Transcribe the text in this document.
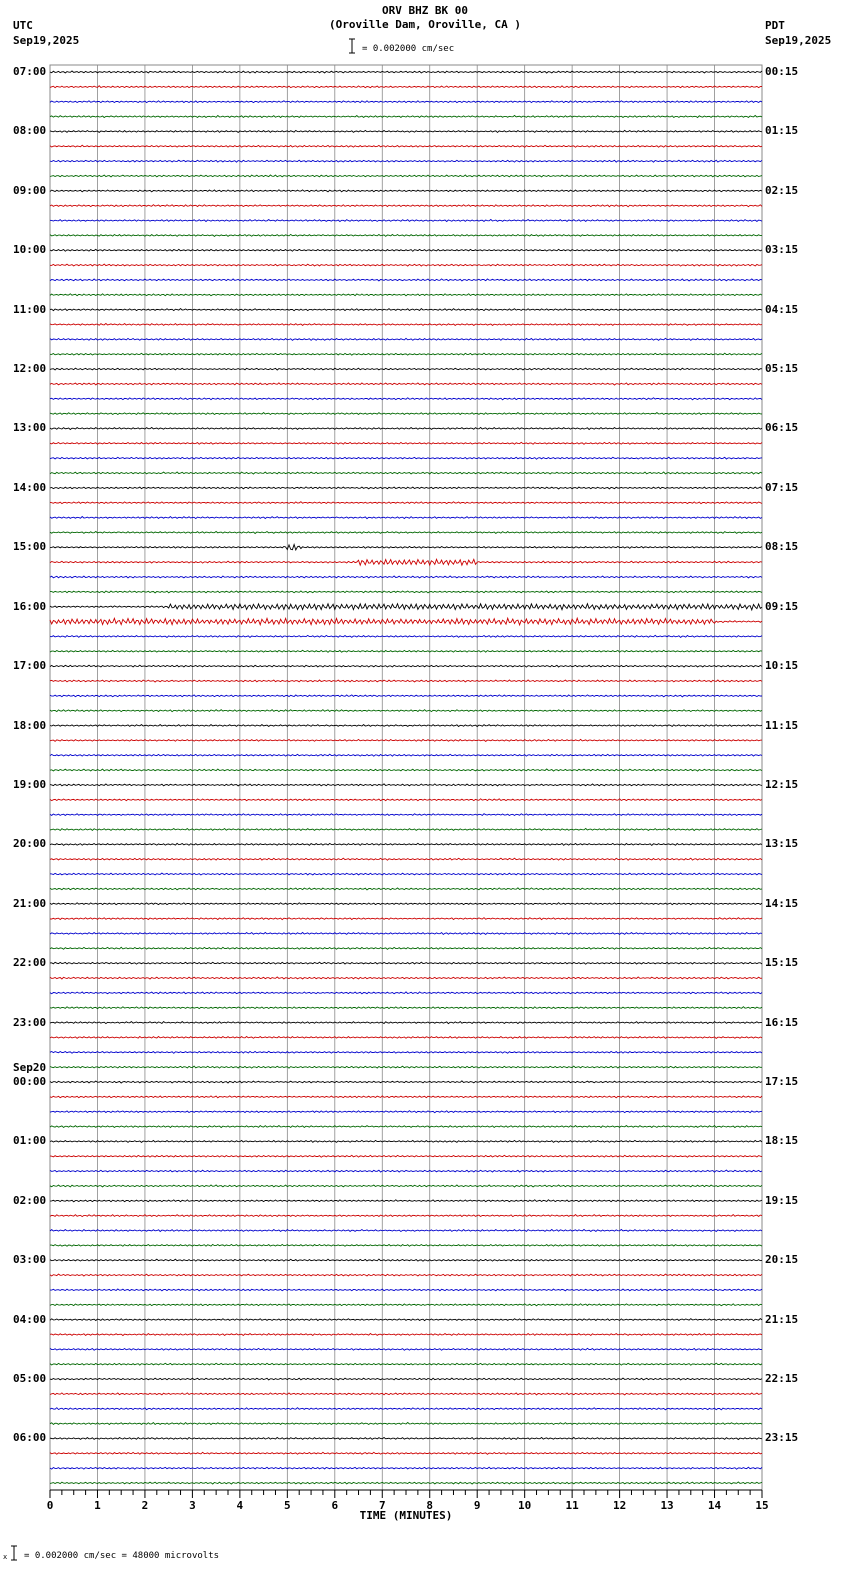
0	1	2	3	4	5	6	7	8	9	10	11	12	13	14	15
x
ORV BHZ BK 00
(Oroville Dam, Oroville, CA )
= 0.002000 cm/sec
UTC
Sep19,2025
PDT
Sep19,2025
07:00
08:00
09:00
10:00
11:00
12:00
13:00
14:00
15:00
16:00
17:00
18:00
19:00
20:00
21:00
22:00
23:00
00:00
Sep20
01:00
02:00
03:00
04:00
05:00
06:00
00:15
01:15
02:15
03:15
04:15
05:15
06:15
07:15
08:15
09:15
10:15
11:15
12:15
13:15
14:15
15:15
16:15
17:15
18:15
19:15
20:15
21:15
22:15
23:15
TIME (MINUTES)
= 0.002000 cm/sec = 48000 microvolts
